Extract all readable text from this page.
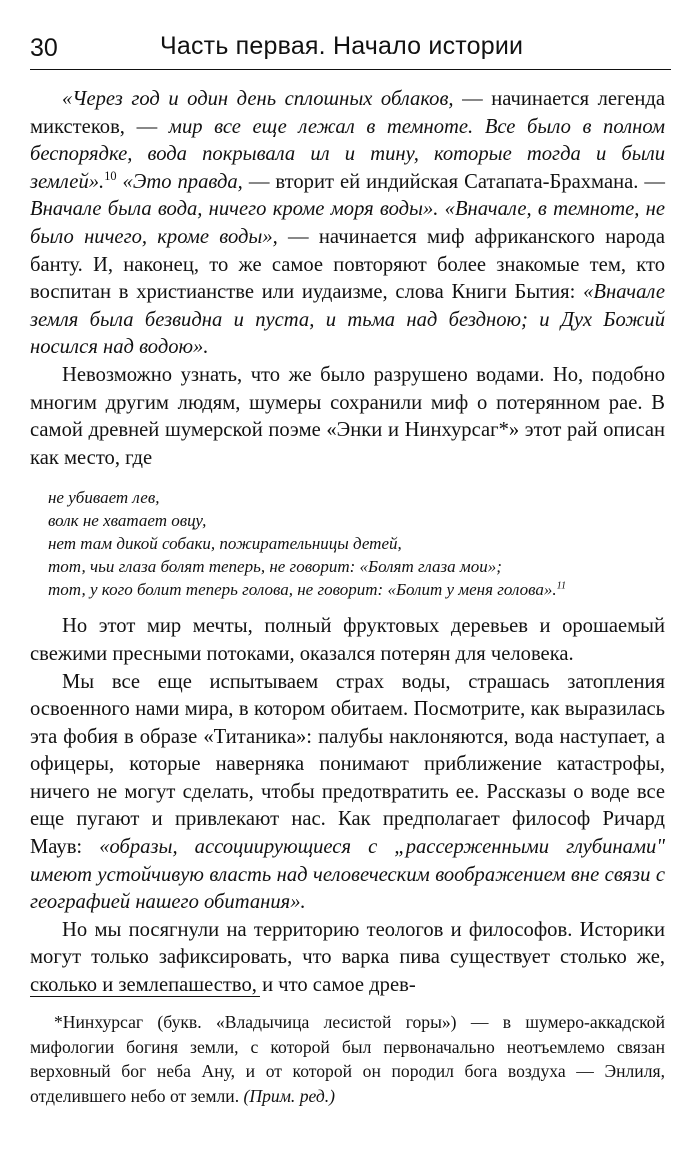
30	Часть первая. Начало истории

«Через год и один день сплошных облаков, — начинается легенда микстеков, — мир все еще лежал в темноте. Все было в полном беспорядке, вода покрывала ил и тину, которые тогда и были землей».$^{10}$ «Это правда, — вторит ей индийская Сатапата-Брахмана. — Вначале была вода, ничего кроме моря воды». «Вначале, в темноте, не было ничего, кроме воды», — начинается миф африканского народа банту. И, наконец, то же самое повторяют более знакомые тем, кто воспитан в христианстве или иудаизме, слова Книги Бытия: «Вначале земля была безвидна и пуста, и тьма над бездною; и Дух Божий носился над водою».

Невозможно узнать, что же было разрушено водами. Но, подобно многим другим людям, шумеры сохранили миф о потерянном рае. В самой древней шумерской поэме «Энки и Нинхурсаг*» этот рай описан как место, где

не убивает лев,
волк не хватает овцу,
нет там дикой собаки, пожирательницы детей,
тот, чьи глаза болят теперь, не говорит: «Болят глаза мои»;
тот, у кого болит теперь голова, не говорит: «Болит у меня голова».$^{11}$

Но этот мир мечты, полный фруктовых деревьев и орошаемый свежими пресными потоками, оказался потерян для человека.

Мы все еще испытываем страх воды, страшась затопления освоенного нами мира, в котором обитаем. Посмотрите, как выразилась эта фобия в образе «Титаника»: палубы наклоняются, вода наступает, а офицеры, которые наверняка понимают приближение катастрофы, ничего не могут сделать, чтобы предотвратить ее. Рассказы о воде все еще пугают и привлекают нас. Как предполагает философ Ричард Маув: «образы, ассоциирующиеся с „рассерженными глубинами" имеют устойчивую власть над человеческим воображением вне связи с географией нашего обитания».

Но мы посягнули на территорию теологов и философов. Историки могут только зафиксировать, что варка пива существует столько же, сколько и землепашество, и что самое древ-

*Нинхурсаг (букв. «Владычица лесистой горы») — в шумеро-аккадской мифологии богиня земли, с которой был первоначально неотъемлемо связан верховный бог неба Ану, и от которой он породил бога воздуха — Энлиля, отделившего небо от земли. (Прим. ред.)
